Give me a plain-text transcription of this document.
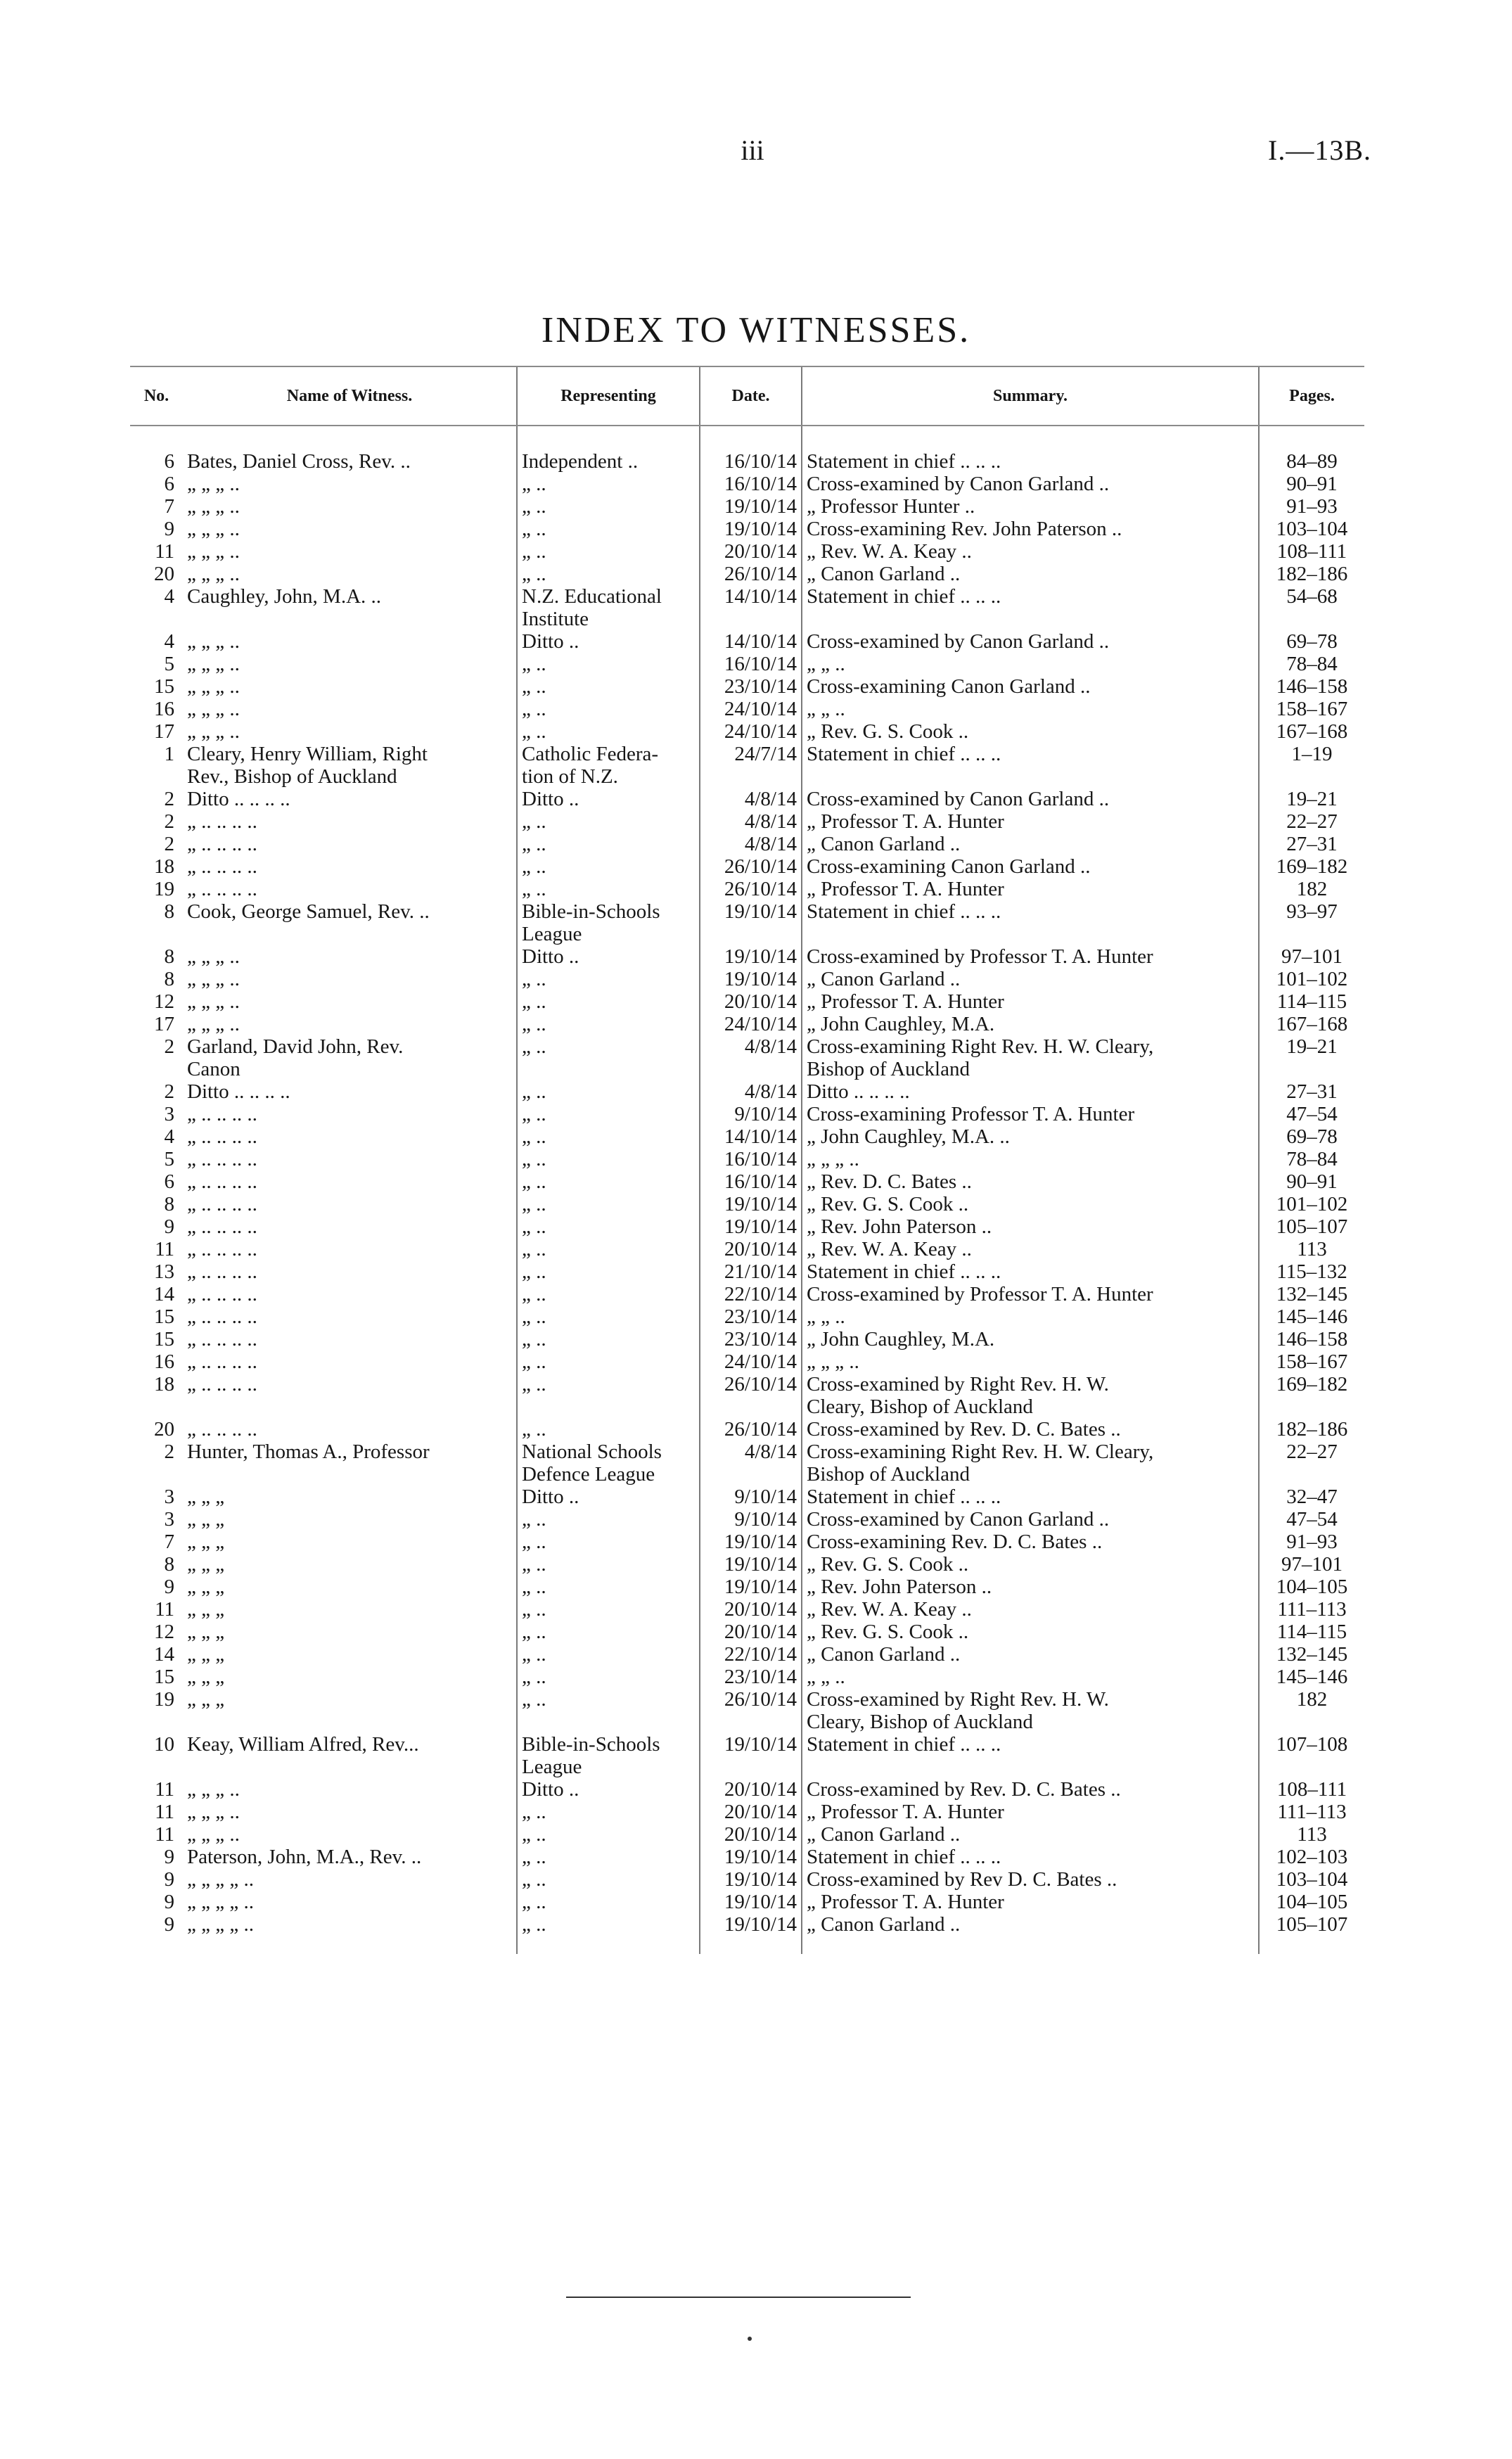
iii	I.—13B.
INDEX TO WITNESSES.
No.	Name of Witness.	Representing	Date.	Summary.	Pages.
6	Bates, Daniel Cross, Rev. ..	Independent ..	16/10/14	Statement in chief .. .. ..	84–89
6	„ „ „ ..	„ ..	16/10/14	Cross-examined by Canon Garland ..	90–91
7	„ „ „ ..	„ ..	19/10/14	„ Professor Hunter ..	91–93
9	„ „ „ ..	„ ..	19/10/14	Cross-examining Rev. John Paterson ..	103–104
11	„ „ „ ..	„ ..	20/10/14	„ Rev. W. A. Keay ..	108–111
20	„ „ „ ..	„ ..	26/10/14	„ Canon Garland ..	182–186
4	Caughley, John, M.A. ..	N.Z. Educational	14/10/14	Statement in chief .. .. ..	54–68
		Institute			
4	„ „ „ ..	Ditto ..	14/10/14	Cross-examined by Canon Garland ..	69–78
5	„ „ „ ..	„ ..	16/10/14	„ „ ..	78–84
15	„ „ „ ..	„ ..	23/10/14	Cross-examining Canon Garland ..	146–158
16	„ „ „ ..	„ ..	24/10/14	„ „ ..	158–167
17	„ „ „ ..	„ ..	24/10/14	„ Rev. G. S. Cook ..	167–168
1	Cleary, Henry William, Right	Catholic Federa-	24/7/14	Statement in chief .. .. ..	1–19
	Rev., Bishop of Auckland	tion of N.Z.			
2	Ditto .. .. .. ..	Ditto ..	4/8/14	Cross-examined by Canon Garland ..	19–21
2	„ .. .. .. ..	„ ..	4/8/14	„ Professor T. A. Hunter	22–27
2	„ .. .. .. ..	„ ..	4/8/14	„ Canon Garland ..	27–31
18	„ .. .. .. ..	„ ..	26/10/14	Cross-examining Canon Garland ..	169–182
19	„ .. .. .. ..	„ ..	26/10/14	„ Professor T. A. Hunter	182
8	Cook, George Samuel, Rev. ..	Bible-in-Schools	19/10/14	Statement in chief .. .. ..	93–97
		League			
8	„ „ „ ..	Ditto ..	19/10/14	Cross-examined by Professor T. A. Hunter	97–101
8	„ „ „ ..	„ ..	19/10/14	„ Canon Garland ..	101–102
12	„ „ „ ..	„ ..	20/10/14	„ Professor T. A. Hunter	114–115
17	„ „ „ ..	„ ..	24/10/14	„ John Caughley, M.A.	167–168
2	Garland, David John, Rev.	„ ..	4/8/14	Cross-examining Right Rev. H. W. Cleary,	19–21
	Canon			Bishop of Auckland	
2	Ditto .. .. .. ..	„ ..	4/8/14	Ditto .. .. .. ..	27–31
3	„ .. .. .. ..	„ ..	9/10/14	Cross-examining Professor T. A. Hunter	47–54
4	„ .. .. .. ..	„ ..	14/10/14	„ John Caughley, M.A. ..	69–78
5	„ .. .. .. ..	„ ..	16/10/14	„ „ „ ..	78–84
6	„ .. .. .. ..	„ ..	16/10/14	„ Rev. D. C. Bates ..	90–91
8	„ .. .. .. ..	„ ..	19/10/14	„ Rev. G. S. Cook ..	101–102
9	„ .. .. .. ..	„ ..	19/10/14	„ Rev. John Paterson ..	105–107
11	„ .. .. .. ..	„ ..	20/10/14	„ Rev. W. A. Keay ..	113
13	„ .. .. .. ..	„ ..	21/10/14	Statement in chief .. .. ..	115–132
14	„ .. .. .. ..	„ ..	22/10/14	Cross-examined by Professor T. A. Hunter	132–145
15	„ .. .. .. ..	„ ..	23/10/14	„ „ ..	145–146
15	„ .. .. .. ..	„ ..	23/10/14	„ John Caughley, M.A.	146–158
16	„ .. .. .. ..	„ ..	24/10/14	„ „ „ ..	158–167
18	„ .. .. .. ..	„ ..	26/10/14	Cross-examined by Right Rev. H. W.	169–182
				Cleary, Bishop of Auckland	
20	„ .. .. .. ..	„ ..	26/10/14	Cross-examined by Rev. D. C. Bates ..	182–186
2	Hunter, Thomas A., Professor	National Schools	4/8/14	Cross-examining Right Rev. H. W. Cleary,	22–27
		Defence League		Bishop of Auckland	
3	„ „ „	Ditto ..	9/10/14	Statement in chief .. .. ..	32–47
3	„ „ „	„ ..	9/10/14	Cross-examined by Canon Garland ..	47–54
7	„ „ „	„ ..	19/10/14	Cross-examining Rev. D. C. Bates ..	91–93
8	„ „ „	„ ..	19/10/14	„ Rev. G. S. Cook ..	97–101
9	„ „ „	„ ..	19/10/14	„ Rev. John Paterson ..	104–105
11	„ „ „	„ ..	20/10/14	„ Rev. W. A. Keay ..	111–113
12	„ „ „	„ ..	20/10/14	„ Rev. G. S. Cook ..	114–115
14	„ „ „	„ ..	22/10/14	„ Canon Garland ..	132–145
15	„ „ „	„ ..	23/10/14	„ „ ..	145–146
19	„ „ „	„ ..	26/10/14	Cross-examined by Right Rev. H. W.	182
				Cleary, Bishop of Auckland	
10	Keay, William Alfred, Rev...	Bible-in-Schools	19/10/14	Statement in chief .. .. ..	107–108
		League			
11	„ „ „ ..	Ditto ..	20/10/14	Cross-examined by Rev. D. C. Bates ..	108–111
11	„ „ „ ..	„ ..	20/10/14	„ Professor T. A. Hunter	111–113
11	„ „ „ ..	„ ..	20/10/14	„ Canon Garland ..	113
9	Paterson, John, M.A., Rev. ..	„ ..	19/10/14	Statement in chief .. .. ..	102–103
9	„ „ „ „ ..	„ ..	19/10/14	Cross-examined by Rev D. C. Bates ..	103–104
9	„ „ „ „ ..	„ ..	19/10/14	„ Professor T. A. Hunter	104–105
9	„ „ „ „ ..	„ ..	19/10/14	„ Canon Garland ..	105–107
